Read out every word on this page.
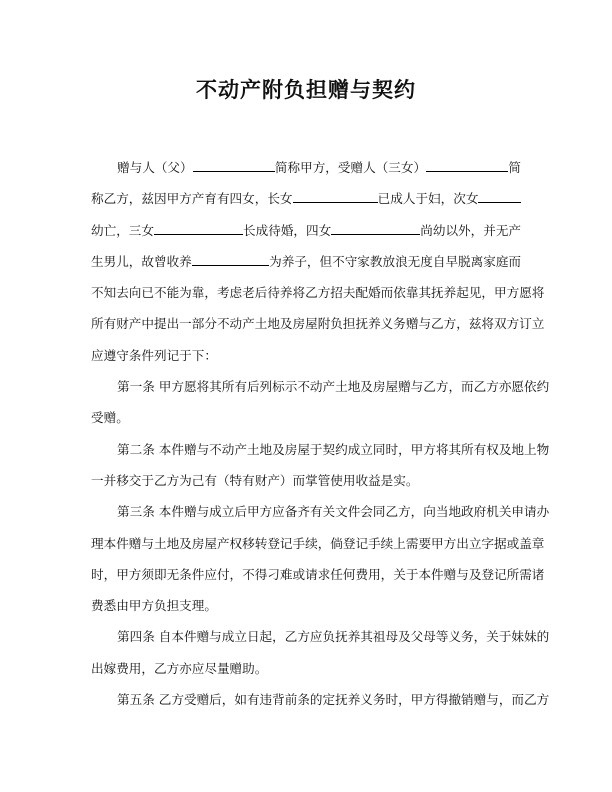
不动产附负担赠与契约
赠与人（父）	简称甲方，受赠人（三女）	简
称乙方，兹因甲方产育有四女，长女	已成人于妇，次女
幼亡，三女	长成待婚，四女	尚幼以外，并无产
生男儿，故曾收养	为养子，但不守家教放浪无度自早脱离家庭而
不知去向已不能为靠，考虑老后待养将乙方招夫配婚而依靠其抚养起见，甲方愿将
所有财产中提出一部分不动产土地及房屋附负担抚养义务赠与乙方，兹将双方订立
应遵守条件列记于下：
第一条 甲方愿将其所有后列标示不动产土地及房屋赠与乙方，而乙方亦愿依约
受赠。
第二条 本件赠与不动产土地及房屋于契约成立同时，甲方将其所有权及地上物
一并移交于乙方为己有（特有财产）而掌管使用收益是实。
第三条 本件赠与成立后甲方应备齐有关文件会同乙方，向当地政府机关申请办
理本件赠与土地及房屋产权移转登记手续，倘登记手续上需要甲方出立字据或盖章
时，甲方须即无条件应付，不得刁难或请求任何费用，关于本件赠与及登记所需诸
费悉由甲方负担支理。
第四条 自本件赠与成立日起，乙方应负抚养其祖母及父母等义务，关于妹妹的
出嫁费用，乙方亦应尽量赠助。
第五条 乙方受赠后，如有违背前条的定抚养义务时，甲方得撤销赠与，而乙方
